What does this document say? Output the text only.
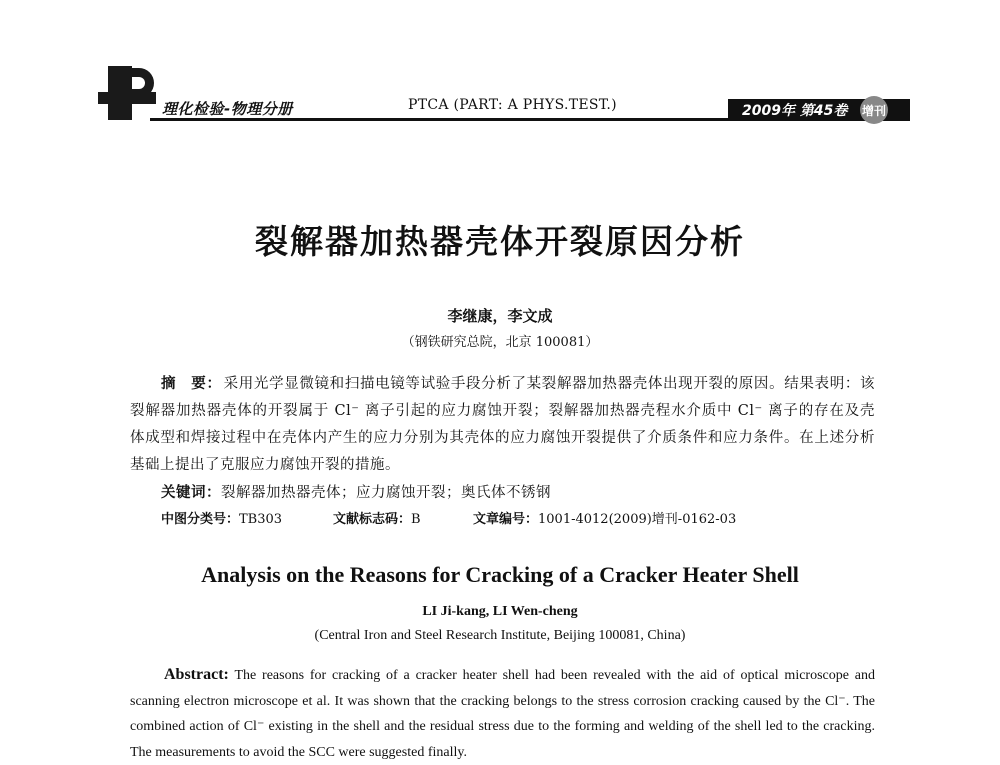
理化检验-物理分册	PTCA (PART: A PHYS.TEST.)	2009年 第45卷 增刊
裂解器加热器壳体开裂原因分析
李继康，李文成
（钢铁研究总院，北京 100081）
摘　要： 采用光学显微镜和扫描电镜等试验手段分析了某裂解器加热器壳体出现开裂的原因。结果表明：该裂解器加热器壳体的开裂属于 Cl⁻ 离子引起的应力腐蚀开裂；裂解器加热器壳程水介质中 Cl⁻ 离子的存在及壳体成型和焊接过程中在壳体内产生的应力分别为其壳体的应力腐蚀开裂提供了介质条件和应力条件。在上述分析基础上提出了克服应力腐蚀开裂的措施。
关键词：裂解器加热器壳体；应力腐蚀开裂；奥氏体不锈钢
中图分类号：TB303	文献标志码：B	文章编号：1001-4012(2009)增刊-0162-03
Analysis on the Reasons for Cracking of a Cracker Heater Shell
LI Ji-kang, LI Wen-cheng
(Central Iron and Steel Research Institute, Beijing 100081, China)
Abstract: The reasons for cracking of a cracker heater shell had been revealed with the aid of optical microscope and scanning electron microscope et al. It was shown that the cracking belongs to the stress corrosion cracking caused by the Cl⁻. The combined action of Cl⁻ existing in the shell and the residual stress due to the forming and welding of the shell led to the cracking. The measurements to avoid the SCC were suggested finally.
